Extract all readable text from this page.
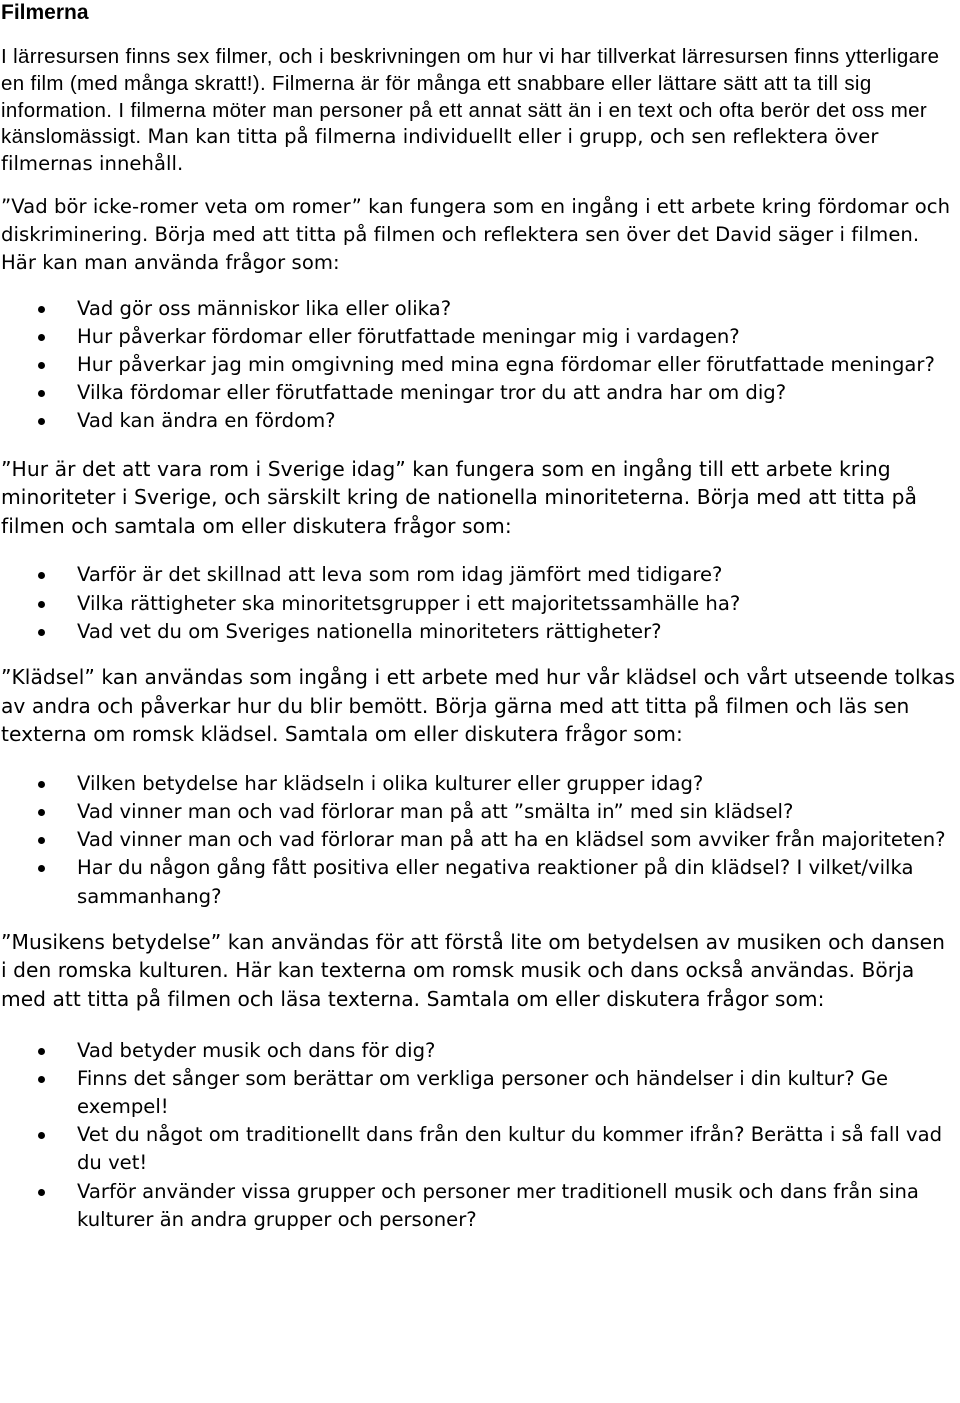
Filmerna

I lärresursen finns sex filmer, och i beskrivningen om hur vi har tillverkat lärresursen finns ytterligare en film (med många skratt!). Filmerna är för många ett snabbare eller lättare sätt att ta till sig information. I filmerna möter man personer på ett annat sätt än i en text och ofta berör det oss mer känslomässigt. Man kan titta på filmerna individuellt eller i grupp, och sen reflektera över filmernas innehåll.

”Vad bör icke-romer veta om romer” kan fungera som en ingång i ett arbete kring fördomar och diskriminering. Börja med att titta på filmen och reflektera sen över det David säger i filmen. Här kan man använda frågor som:

Vad gör oss människor lika eller olika?
Hur påverkar fördomar eller förutfattade meningar mig i vardagen?
Hur påverkar jag min omgivning med mina egna fördomar eller förutfattade meningar?
Vilka fördomar eller förutfattade meningar tror du att andra har om dig?
Vad kan ändra en fördom?

”Hur är det att vara rom i Sverige idag” kan fungera som en ingång till ett arbete kring minoriteter i Sverige, och särskilt kring de nationella minoriteterna. Börja med att titta på filmen och samtala om eller diskutera frågor som:

Varför är det skillnad att leva som rom idag jämfört med tidigare?
Vilka rättigheter ska minoritetsgrupper i ett majoritetssamhälle ha?
Vad vet du om Sveriges nationella minoriteters rättigheter?

”Klädsel” kan användas som ingång i ett arbete med hur vår klädsel och vårt utseende tolkas av andra och påverkar hur du blir bemött. Börja gärna med att titta på filmen och läs sen texterna om romsk klädsel. Samtala om eller diskutera frågor som:

Vilken betydelse har klädseln i olika kulturer eller grupper idag?
Vad vinner man och vad förlorar man på att ”smälta in” med sin klädsel?
Vad vinner man och vad förlorar man på att ha en klädsel som avviker från majoriteten?
Har du någon gång fått positiva eller negativa reaktioner på din klädsel? I vilket/vilka sammanhang?

”Musikens betydelse” kan användas för att förstå lite om betydelsen av musiken och dansen i den romska kulturen. Här kan texterna om romsk musik och dans också användas. Börja med att titta på filmen och läsa texterna. Samtala om eller diskutera frågor som:

Vad betyder musik och dans för dig?
Finns det sånger som berättar om verkliga personer och händelser i din kultur? Ge exempel!
Vet du något om traditionellt dans från den kultur du kommer ifrån? Berätta i så fall vad du vet!
Varför använder vissa grupper och personer mer traditionell musik och dans från sina kulturer än andra grupper och personer?
